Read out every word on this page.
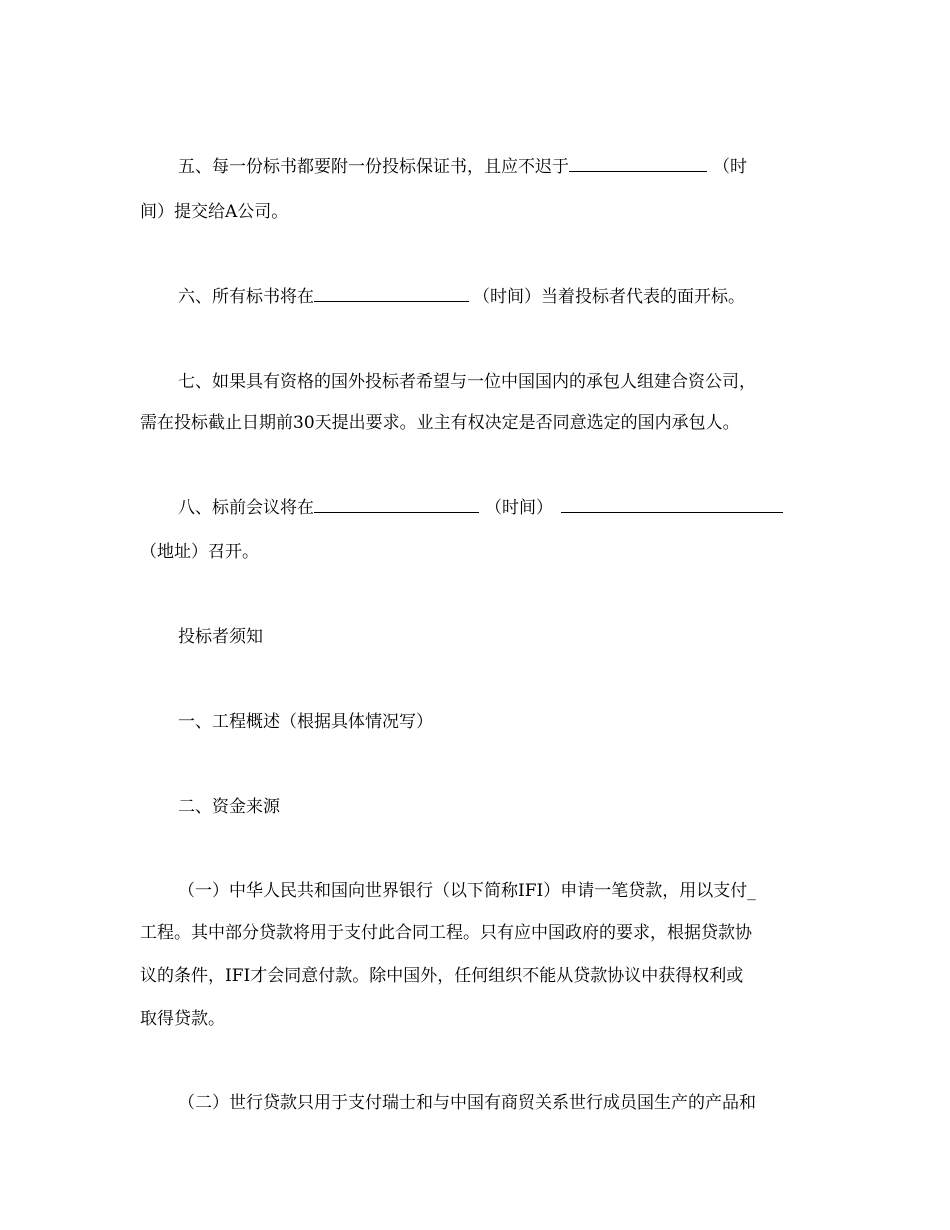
五、每一份标书都要附一份投标保证书，且应不迟于	（时
间）提交给A公司。
六、所有标书将在	（时间）当着投标者代表的面开标。
七、如果具有资格的国外投标者希望与一位中国国内的承包人组建合资公司，
需在投标截止日期前30天提出要求。业主有权决定是否同意选定的国内承包人。
八、标前会议将在	（时间）
（地址）召开。
投标者须知
一、工程概述（根据具体情况写）
二、资金来源
（一）中华人民共和国向世界银行（以下简称IFI）申请一笔贷款，用以支付_
工程。其中部分贷款将用于支付此合同工程。只有应中国政府的要求，根据贷款协
议的条件，IFI才会同意付款。除中国外，任何组织不能从贷款协议中获得权利或
取得贷款。
（二）世行贷款只用于支付瑞士和与中国有商贸关系世行成员国生产的产品和
